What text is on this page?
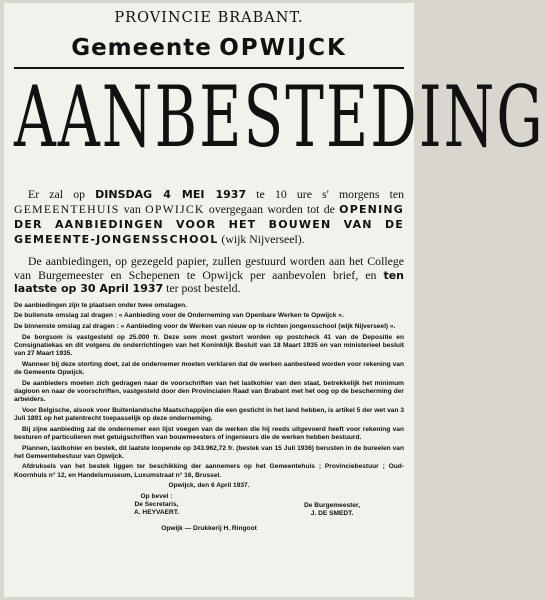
PROVINCIE BRABANT.
Gemeente OPWIJCK
AANBESTEDING
Er zal op DINSDAG 4 MEI 1937 te 10 ure s' morgens ten GEMEENTEHUIS van OPWIJCK overgegaan worden tot de OPENING DER AANBIEDINGEN VOOR HET BOUWEN VAN DE GEMEENTE-JONGENSSCHOOL (wijk Nijverseel).
De aanbiedingen, op gezegeld papier, zullen gestuurd worden aan het College van Burgemeester en Schepenen te Opwijck per aanbevolen brief, en ten laatste op 30 April 1937 ter post besteld.

De aanbiedingen zijn te plaatsen onder twee omslagen.

De buitenste omslag zal dragen : « Aanbieding voor de Onderneming van Openbare Werken te Opwijck ».

De binnenste omslag zal dragen : « Aanbieding voor de Werken van nieuw op te richten jongensschool (wijk Nijverseel) ».

De borgsom is vastgesteld op 25.000 fr. Deze som moet gestort worden op postcheck 41 van de Depositie en Consignatiekas en dit volgens de onderrichtingen van het Koninklijk Besluit van 18 Maart 1935 en van ministerieel besluit van 27 Maart 1935.

Wanneer bij deze storting doet, zal de ondernemer moeten verklaren dat de werken aanbesteed worden voor rekening van de Gemeente Opwijck.

De aanbieders moeten zich gedragen naar de voorschriften van het lastkohier van den staat, betrekkelijk het minimum dagloon en naar de voorschriften, vastgesteld door den Provincialen Raad van Brabant met het oog op de bescherming der arbeiders.

Voor Belgische, alsook voor Buitenlandsche Maatschappijen die een gesticht in het land hebben, is artikel 5 der wet van 3 Juli 1891 op het patentrecht toepasselijk op deze onderneming.

Bij zijne aanbieding zal de ondernemer een lijst voegen van de werken die hij reeds uitgevoerd heeft voor rekening van besturen of particulieren met getuigschriften van bouwmeesters of ingenieurs die de werken hebben bestuurd.

Plannen, lastkohier en bestek, dit laatste loopende op 343.962,72 fr. (bestek van 15 Juli 1936) berusten in de bureelen van het Gemeentebestuur van Opwijck.

Afdruksels van het bestek liggen ter beschikking der aannemers op het Gemeentehuis ; Provinciebestuur ; Oud-Koornhuis n° 12, en Handelsmuseum, Luxumstraat n° 16, Brussel.

Opwijck, den 6 April 1937.

Op bevel :
De Secretaris,
A. HEYVAERT.
De Burgemeester,
J. DE SMEDT.
Opwijk — Drukkerij H. Ringoot
